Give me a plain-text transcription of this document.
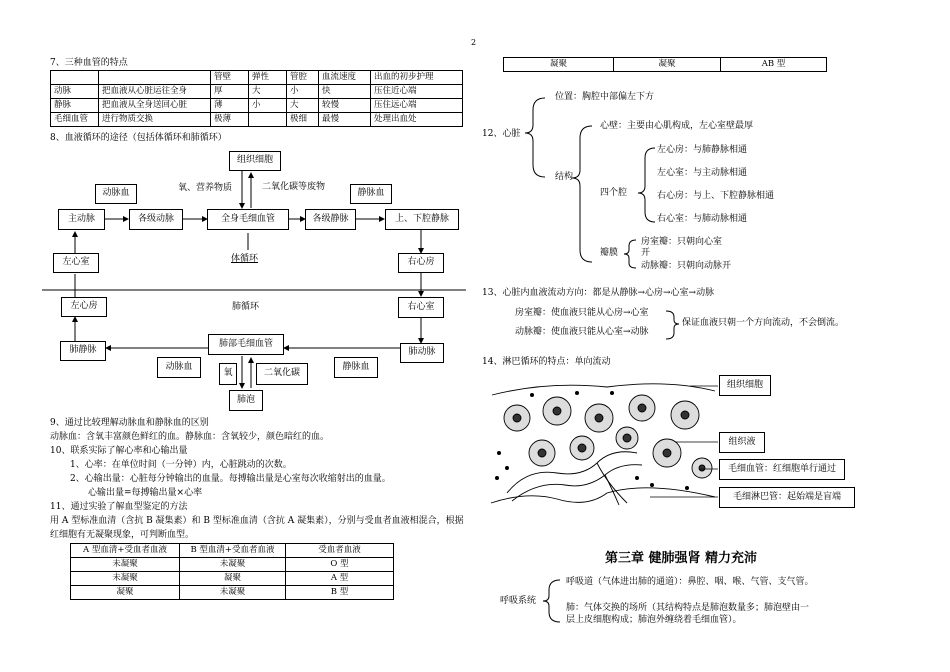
2
7、三种血管的特点
		管壁	弹性	管腔	血流速度	出血的初步护理
动脉	把血液从心脏运往全身	厚	大	小	快	压住近心端
静脉	把血液从全身送回心脏	薄	小	大	较慢	压住远心端
毛细血管	进行物质交换	极薄		极细	最慢	处理出血处
8、血液循环的途径（包括体循环和肺循环）
组织细胞
氧、营养物质	二氧化碳等废物
动脉血	静脉血
主动脉	各级动脉	全身毛细血管	各级静脉	上、下腔静脉
左心室	体循环	右心房
左心房	肺循环	右心室
肺静脉
肺部毛细血管
肺动脉
动脉血
氧	二氧化碳
静脉血
肺泡
9、通过比较理解动脉血和静脉血的区别
动脉血：含氧丰富颜色鲜红的血。静脉血：含氧较少，颜色暗红的血。
10、联系实际了解心率和心输出量
1、心率：在单位时间（一分钟）内，心脏跳动的次数。
2、心输出量：心脏每分钟输出的血量。每搏输出量是心室每次收缩射出的血量。
心输出量=每搏输出量×心率
11、通过实验了解血型鉴定的方法
用 A 型标准血清（含抗 B 凝集素）和 B 型标准血清（含抗 A 凝集素），分别与受血者血液相混合，根据
红细胞有无凝聚现象，可判断血型。
A 型血清+受血者血液	B 型血清+受血者血液	受血者血液
未凝聚	未凝聚	O 型
未凝聚	凝聚	A 型
凝聚	未凝聚	B 型
凝聚	凝聚	AB 型
12、心脏
位置：胸腔中部偏左下方
结构
心壁：主要由心肌构成，左心室壁最厚
四个腔
左心房：与肺静脉相通
左心室：与主动脉相通
右心房：与上、下腔静脉相通
右心室：与肺动脉相通
瓣膜
房室瓣：只朝向心室
开
动脉瓣：只朝向动脉开
13、心脏内血液流动方向：都是从静脉→心房→心室→动脉
房室瓣：使血液只能从心房→心室
动脉瓣：使血液只能从心室→动脉
保证血液只朝一个方向流动，不会倒流。
14、淋巴循环的特点：单向流动
组织细胞
组织液
毛细血管：红细胞单行通过
毛细淋巴管：起始端是盲端
第三章 健肺强肾 精力充沛
呼吸系统
呼吸道（气体进出肺的通道）：鼻腔、咽、喉、气管、支气管。
肺：气体交换的场所（其结构特点是肺泡数量多；肺泡壁由一
层上皮细胞构成；肺泡外缠绕着毛细血管）。
